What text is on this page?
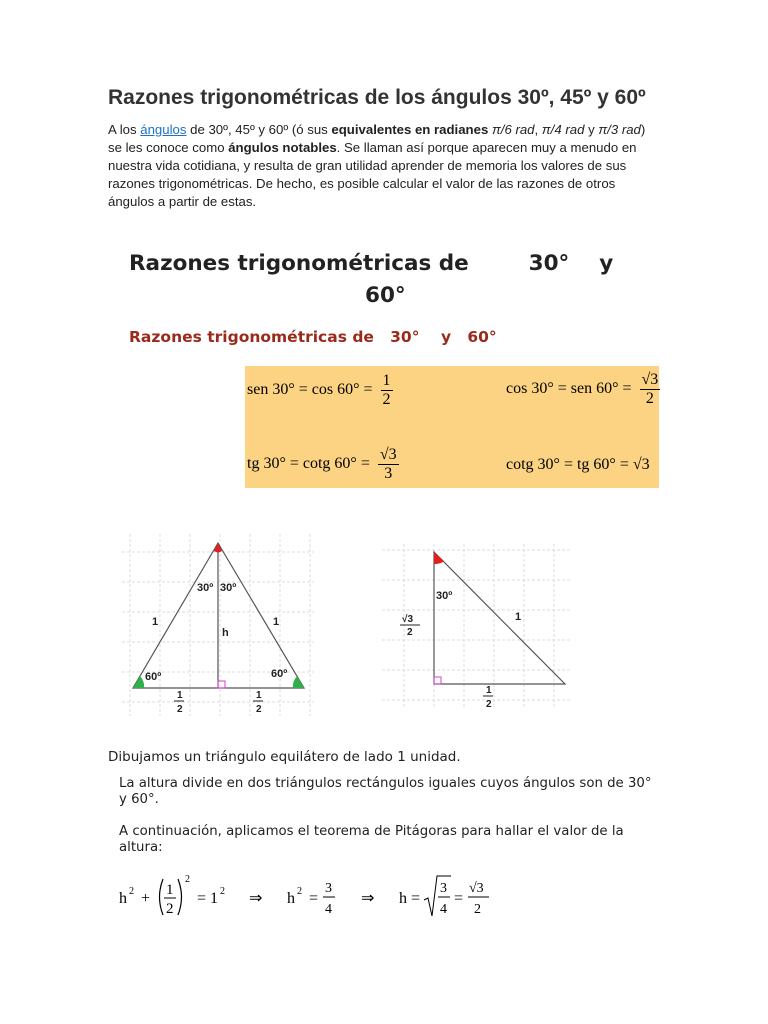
Razones trigonométricas de los ángulos 30º, 45º y 60º
A los ángulos de 30º, 45º y 60º (ó sus equivalentes en radianes π/6 rad, π/4 rad y π/3 rad) se les conoce como ángulos notables. Se llaman así porque aparecen muy a menudo en nuestra vida cotidiana, y resulta de gran utilidad aprender de memoria los valores de sus razones trigonométricas. De hecho, es posible calcular el valor de las razones de otros ángulos a partir de estas.
Razones trigonométricas de        30°    y
60°
Razones trigonométricas de   30°    y   60°
sen $30^\circ = \cos 60^\circ = \frac{1}{2}$	cos 30° = sen $60^\circ = \frac{√3}{2}$
tg 30° = cotg $60^\circ = \frac{√3}{3}$	cotg 30° = tg 60° = √3
30º 30º
1	1
h
60º	60º
1
2
1
2
30º
1
√3
2
1
2
Dibujamos un triángulo equilátero de lado 1 unidad.
La altura divide en dos triángulos rectángulos iguales cuyos ángulos son de 30° y 60°.
A continuación, aplicamos el teorema de Pitágoras para hallar el valor de la altura:
h 2 + 1
2
2
= 1 2 ⇒ h 2 =
3
4
⇒ h =
3
4
=
√3
2
